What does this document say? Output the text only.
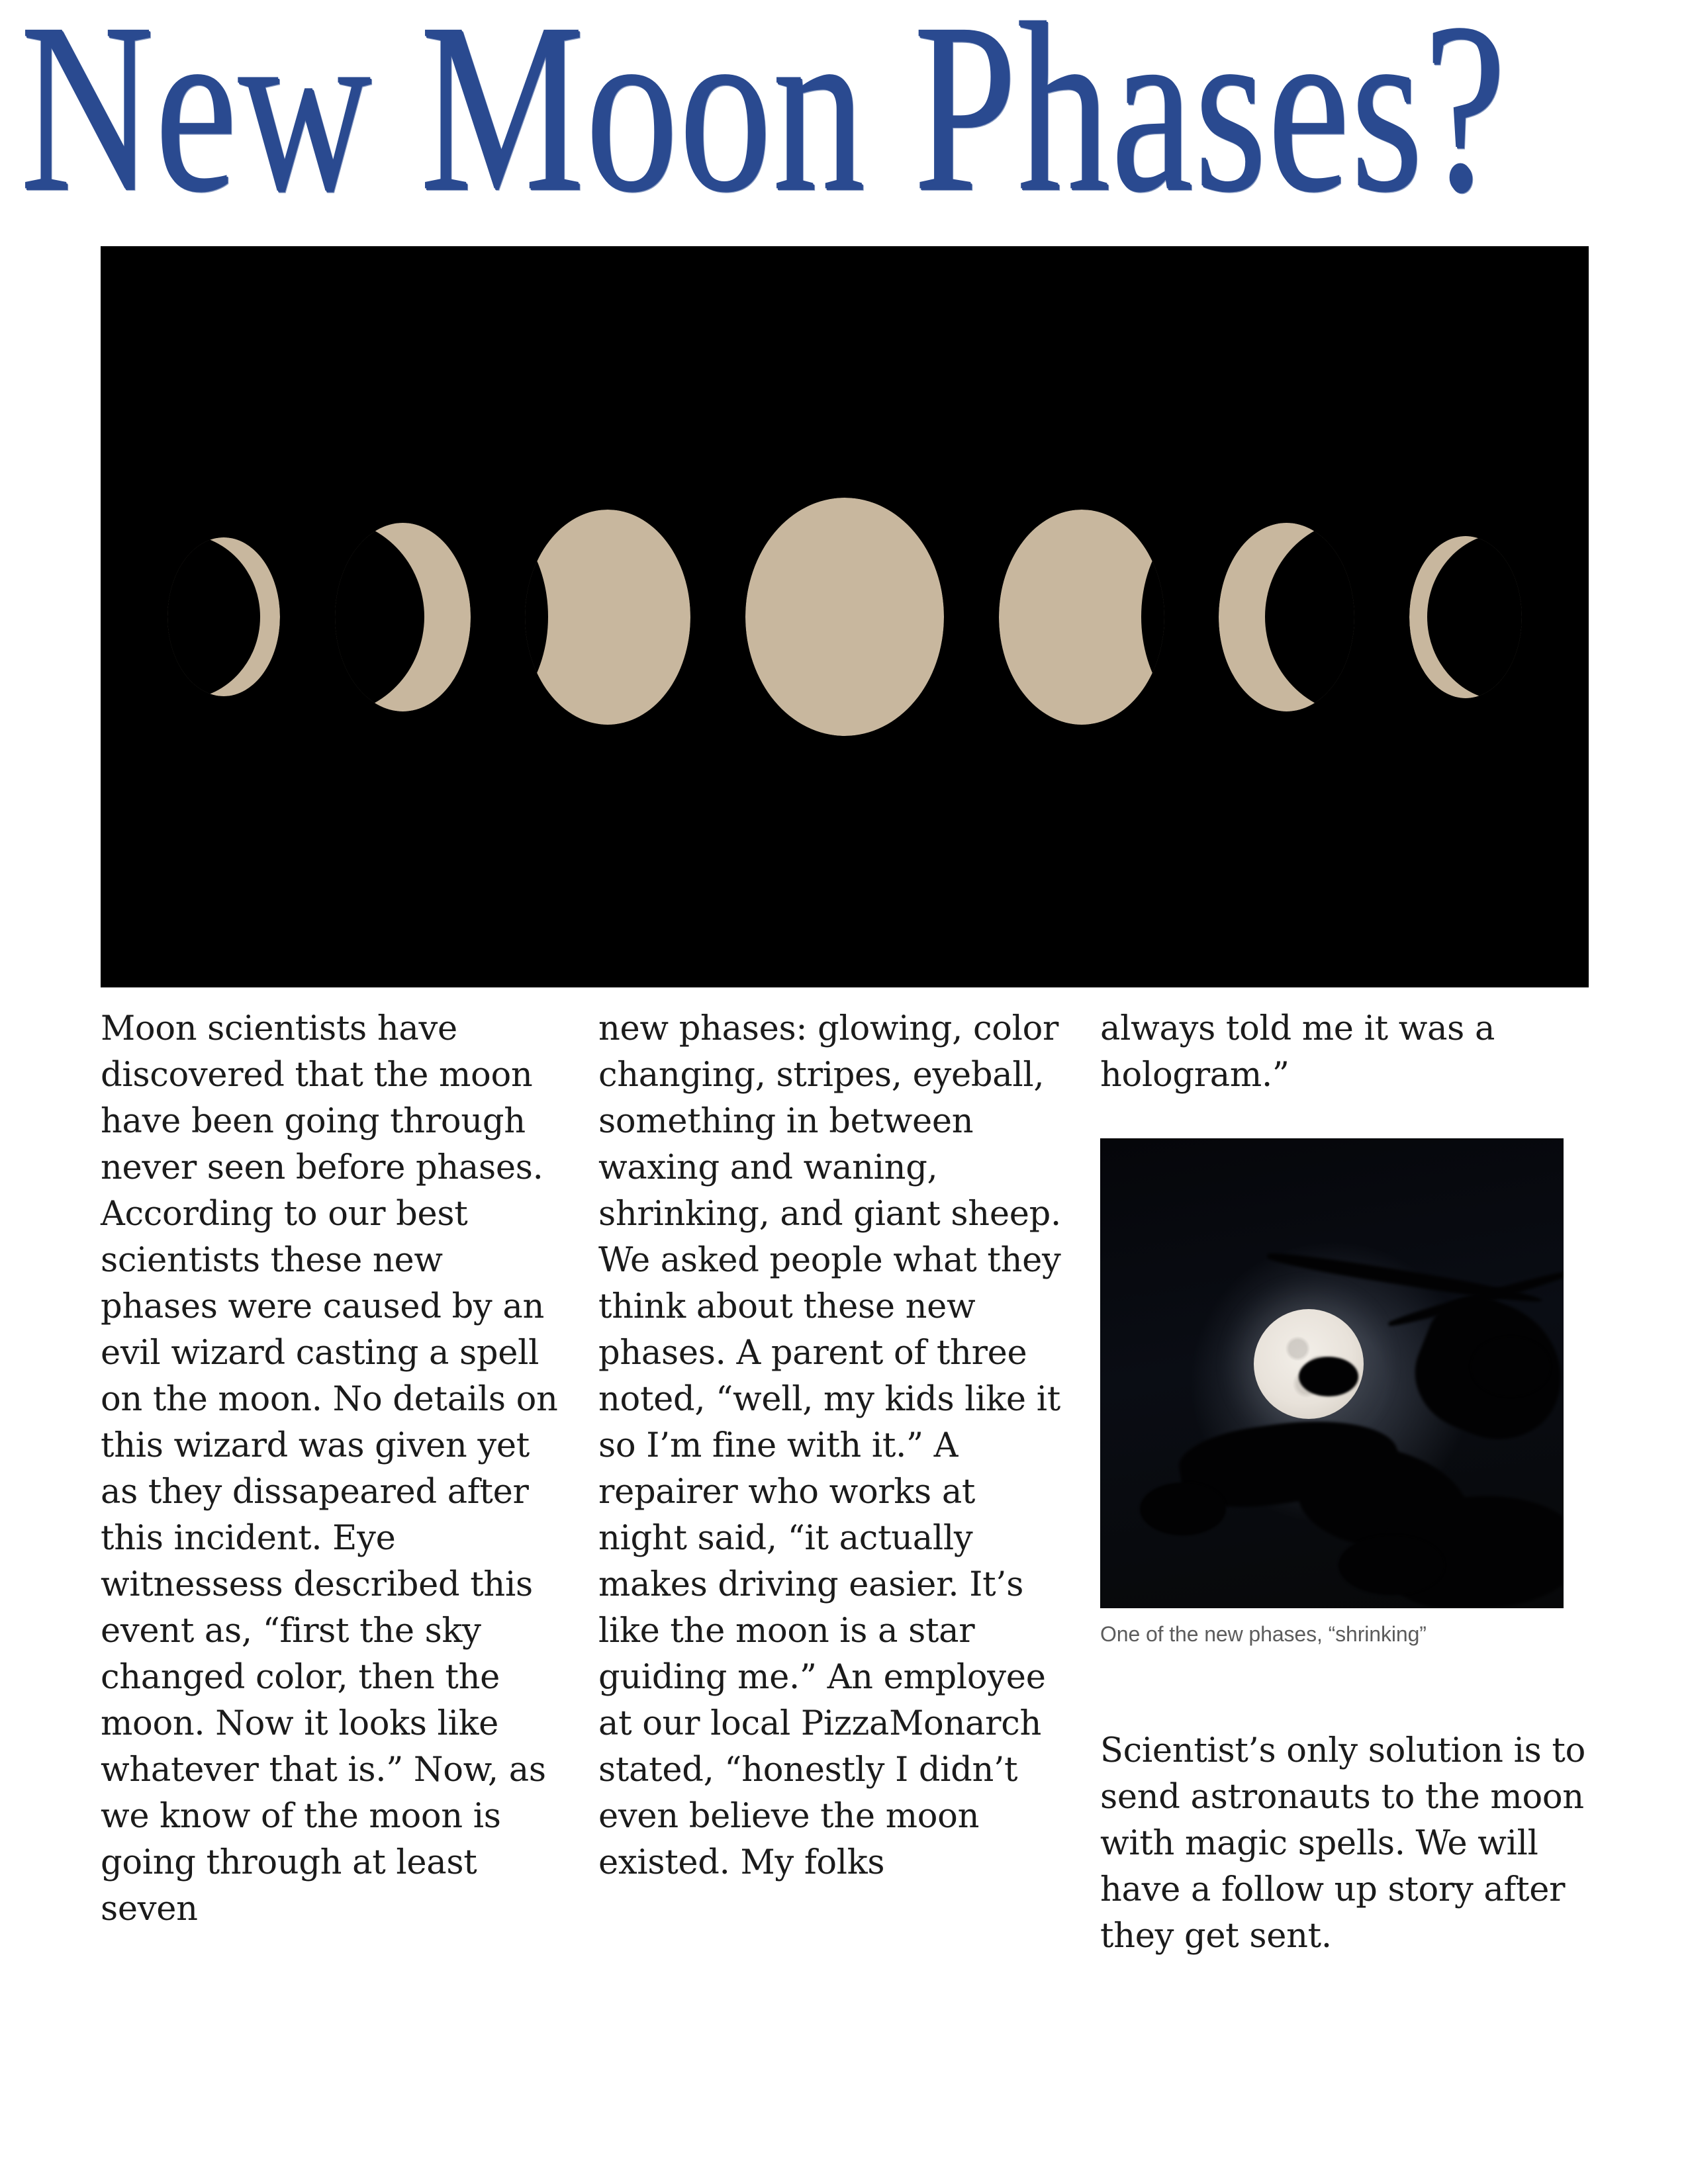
New Moon Phases?

Moon scientists have discovered that the moon have been going through never seen before phases. According to our best scientists these new phases were caused by an evil wizard casting a spell on the moon. No details on this wizard was given yet as they dissapeared after this incident. Eye witnessess described this event as, “first the sky changed color, then the moon. Now it looks like whatever that is.” Now, as we know of the moon is going through at least seven

new phases: glowing, color changing, stripes, eyeball, something in between waxing and waning, shrinking, and giant sheep. We asked people what they think about these new phases. A parent of three noted, “well, my kids like it so I’m fine with it.” A repairer who works at night said, “it actually makes driving easier. It’s like the moon is a star guiding me.” An employee at our local PizzaMonarch stated, “honestly I didn’t even believe the moon existed. My folks

always told me it was a hologram.”

One of the new phases, “shrinking”

Scientist’s only solution is to send astronauts to the moon with magic spells. We will have a follow up story after they get sent.
